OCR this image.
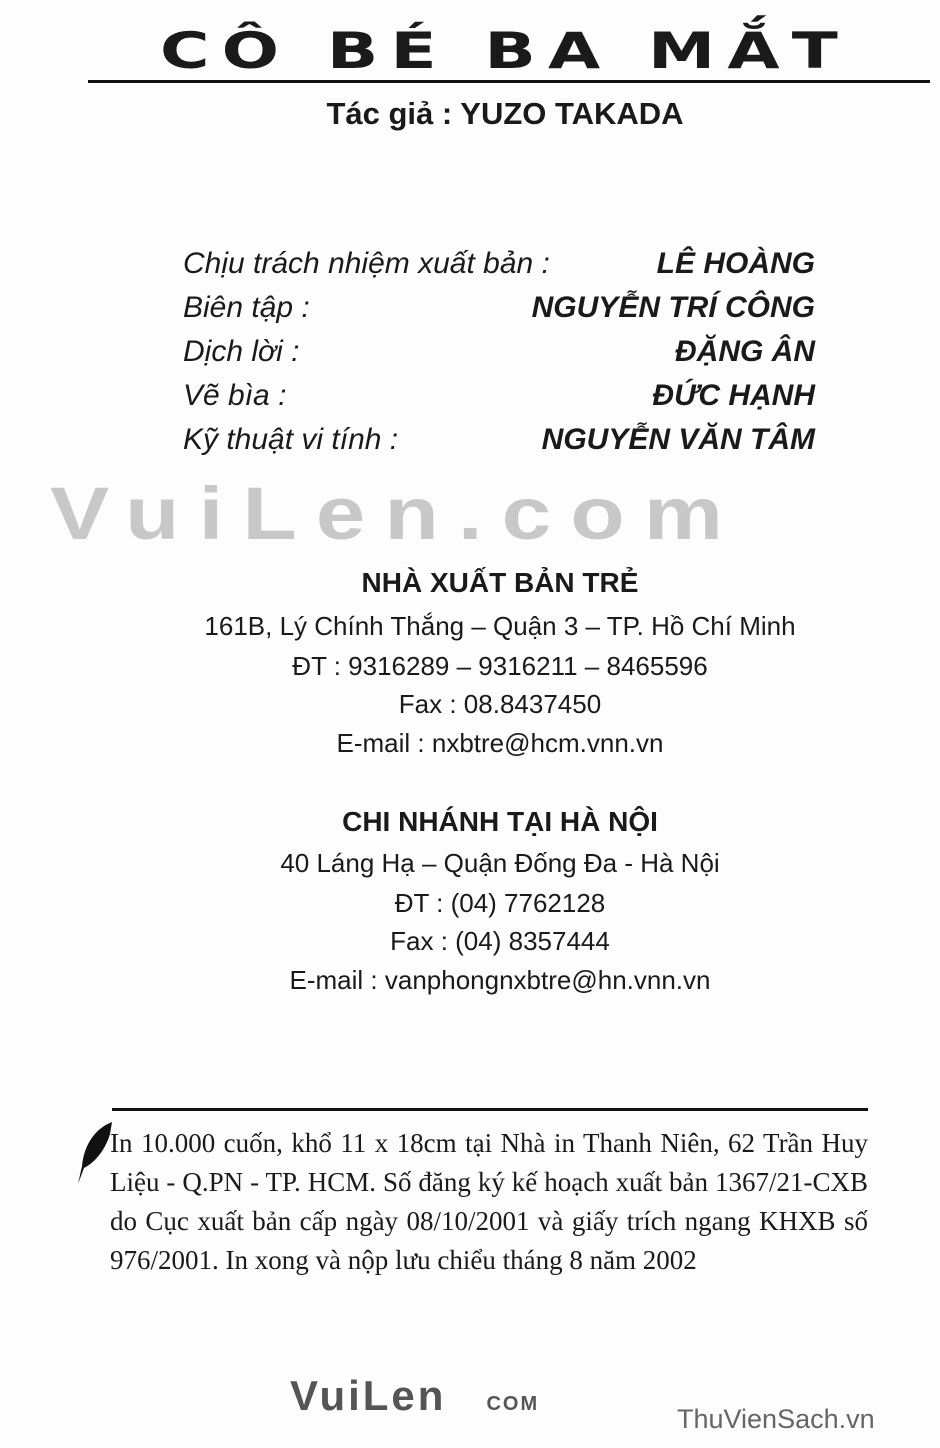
CÔ BÉ BA MẮT
Tác giả : YUZO TAKADA
Chịu trách nhiệm xuất bản :	LÊ HOÀNG
Biên tập :	NGUYỄN TRÍ CÔNG
Dịch lời :	ĐẶNG ÂN
Vẽ bìa :	ĐỨC HẠNH
Kỹ thuật vi tính :	NGUYỄN VĂN TÂM
VuiLen.com
NHÀ XUẤT BẢN TRẺ
161B, Lý Chính Thắng – Quận 3 – TP. Hồ Chí Minh
ĐT : 9316289 – 9316211 – 8465596
Fax : 08.8437450
E-mail : nxbtre@hcm.vnn.vn
CHI NHÁNH TẠI HÀ NỘI
40 Láng Hạ – Quận Đống Đa - Hà Nội
ĐT : (04) 7762128
Fax : (04) 8357444
E-mail : vanphongnxbtre@hn.vnn.vn
In 10.000 cuốn, khổ 11 x 18cm tại Nhà in Thanh Niên, 62 Trần Huy Liệu - Q.PN - TP. HCM. Số đăng ký kế hoạch xuất bản 1367/21-CXB do Cục xuất bản cấp ngày 08/10/2001 và giấy trích ngang KHXB số 976/2001. In xong và nộp lưu chiểu tháng 8 năm 2002
VuiLen COM	ThuVienSach.vn
